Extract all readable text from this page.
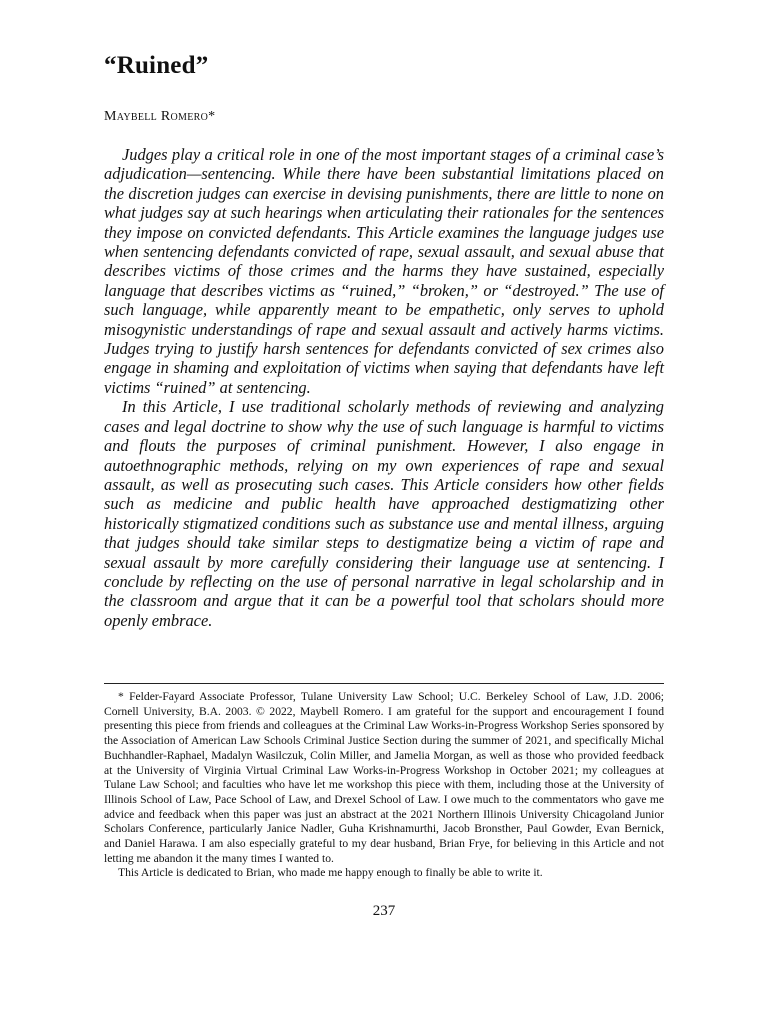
“Ruined”
Maybell Romero*

Judges play a critical role in one of the most important stages of a criminal case’s adjudication—sentencing. While there have been substantial limitations placed on the discretion judges can exercise in devising punishments, there are little to none on what judges say at such hearings when articulating their rationales for the sentences they impose on convicted defendants. This Article examines the language judges use when sentencing defendants convicted of rape, sexual assault, and sexual abuse that describes victims of those crimes and the harms they have sustained, especially language that describes victims as “ruined,” “broken,” or “destroyed.” The use of such language, while apparently meant to be empathetic, only serves to uphold misogynistic understandings of rape and sexual assault and actively harms victims. Judges trying to justify harsh sentences for defendants convicted of sex crimes also engage in shaming and exploitation of victims when saying that defendants have left victims “ruined” at sentencing.

In this Article, I use traditional scholarly methods of reviewing and analyzing cases and legal doctrine to show why the use of such language is harmful to victims and flouts the purposes of criminal punishment. However, I also engage in autoethnographic methods, relying on my own experiences of rape and sexual assault, as well as prosecuting such cases. This Article considers how other fields such as medicine and public health have approached destigmatizing other historically stigmatized conditions such as substance use and mental illness, arguing that judges should take similar steps to destigmatize being a victim of rape and sexual assault by more carefully considering their language use at sentencing. I conclude by reflecting on the use of personal narrative in legal scholarship and in the classroom and argue that it can be a powerful tool that scholars should more openly embrace.

* Felder-Fayard Associate Professor, Tulane University Law School; U.C. Berkeley School of Law, J.D. 2006; Cornell University, B.A. 2003. © 2022, Maybell Romero. I am grateful for the support and encouragement I found presenting this piece from friends and colleagues at the Criminal Law Works-in-Progress Workshop Series sponsored by the Association of American Law Schools Criminal Justice Section during the summer of 2021, and specifically Michal Buchhandler-Raphael, Madalyn Wasilczuk, Colin Miller, and Jamelia Morgan, as well as those who provided feedback at the University of Virginia Virtual Criminal Law Works-in-Progress Workshop in October 2021; my colleagues at Tulane Law School; and faculties who have let me workshop this piece with them, including those at the University of Illinois School of Law, Pace School of Law, and Drexel School of Law. I owe much to the commentators who gave me advice and feedback when this paper was just an abstract at the 2021 Northern Illinois University Chicagoland Junior Scholars Conference, particularly Janice Nadler, Guha Krishnamurthi, Jacob Bronsther, Paul Gowder, Evan Bernick, and Daniel Harawa. I am also especially grateful to my dear husband, Brian Frye, for believing in this Article and not letting me abandon it the many times I wanted to.

This Article is dedicated to Brian, who made me happy enough to finally be able to write it.

237
